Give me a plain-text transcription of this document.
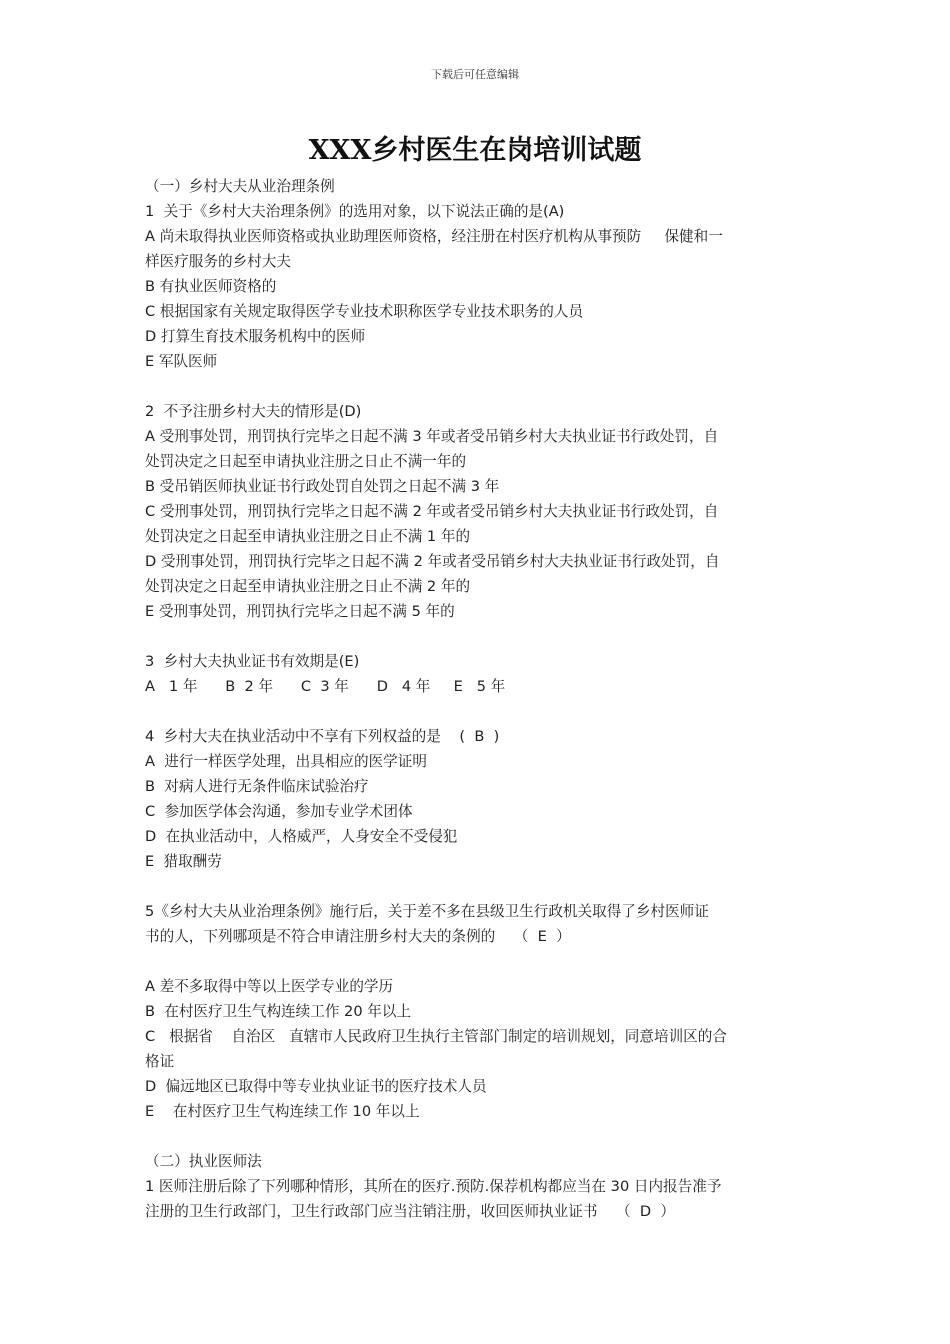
下载后可任意编辑
XXX乡村医生在岗培训试题
（一）乡村大夫从业治理条例
1  关于《乡村大夫治理条例》的选用对象，以下说法正确的是(A)
A 尚未取得执业医师资格或执业助理医师资格，经注册在村医疗机构从事预防     保健和一
样医疗服务的乡村大夫
B 有执业医师资格的
C 根据国家有关规定取得医学专业技术职称医学专业技术职务的人员
D 打算生育技术服务机构中的医师
E 军队医师
2  不予注册乡村大夫的情形是(D)
A 受刑事处罚，刑罚执行完毕之日起不满 3 年或者受吊销乡村大夫执业证书行政处罚，自
处罚决定之日起至申请执业注册之日止不满一年的
B 受吊销医师执业证书行政处罚自处罚之日起不满 3 年
C 受刑事处罚，刑罚执行完毕之日起不满 2 年或者受吊销乡村大夫执业证书行政处罚，自
处罚决定之日起至申请执业注册之日止不满 1 年的
D 受刑事处罚，刑罚执行完毕之日起不满 2 年或者受吊销乡村大夫执业证书行政处罚，自
处罚决定之日起至申请执业注册之日止不满 2 年的
E 受刑事处罚，刑罚执行完毕之日起不满 5 年的
3  乡村大夫执业证书有效期是(E)
A   1 年      B  2 年      C  3 年      D   4 年     E   5 年
4  乡村大夫在执业活动中不享有下列权益的是    (  B  )
A  进行一样医学处理，出具相应的医学证明
B  对病人进行无条件临床试验治疗
C  参加医学体会沟通，参加专业学术团体
D  在执业活动中，人格威严，人身安全不受侵犯
E  猎取酬劳
5《乡村大夫从业治理条例》施行后，关于差不多在县级卫生行政机关取得了乡村医师证
书的人，下列哪项是不符合申请注册乡村大夫的条例的    （  E  ）
A 差不多取得中等以上医学专业的学历
B  在村医疗卫生气构连续工作 20 年以上
C   根据省    自治区   直辖市人民政府卫生执行主管部门制定的培训规划，同意培训区的合
格证
D  偏远地区已取得中等专业执业证书的医疗技术人员
E    在村医疗卫生气构连续工作 10 年以上
（二）执业医师法
1 医师注册后除了下列哪种情形，其所在的医疗.预防.保荐机构都应当在 30 日内报告准予
注册的卫生行政部门，卫生行政部门应当注销注册，收回医师执业证书    （  D  ）
